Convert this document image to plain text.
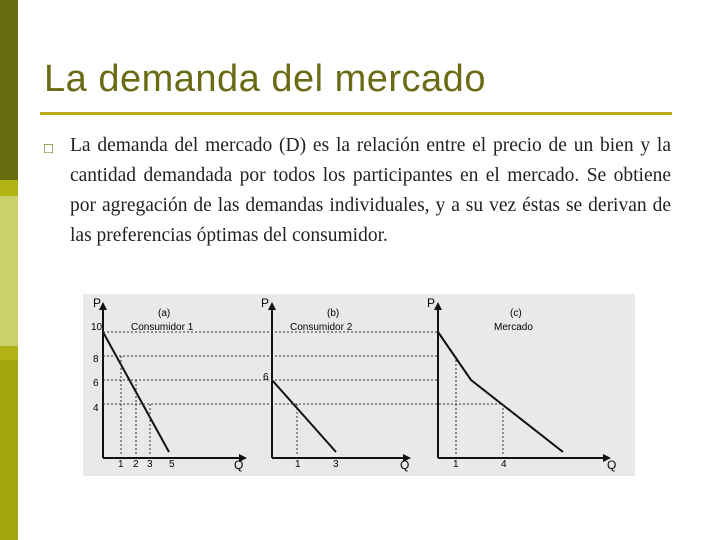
La demanda del mercado
□ La demanda del mercado (D) es la relación entre el precio de un bien y la cantidad demandada por todos los participantes en el mercado. Se obtiene por agregación de las demandas individuales, y a su vez éstas se derivan de las preferencias óptimas del consumidor.
P
Q
(a)
Consumidor 1
10
8
6
4
1 2 3 5
P
Q
(b)
Consumidor 2
6
1	3
P
Q
(c)
Mercado
1	4
